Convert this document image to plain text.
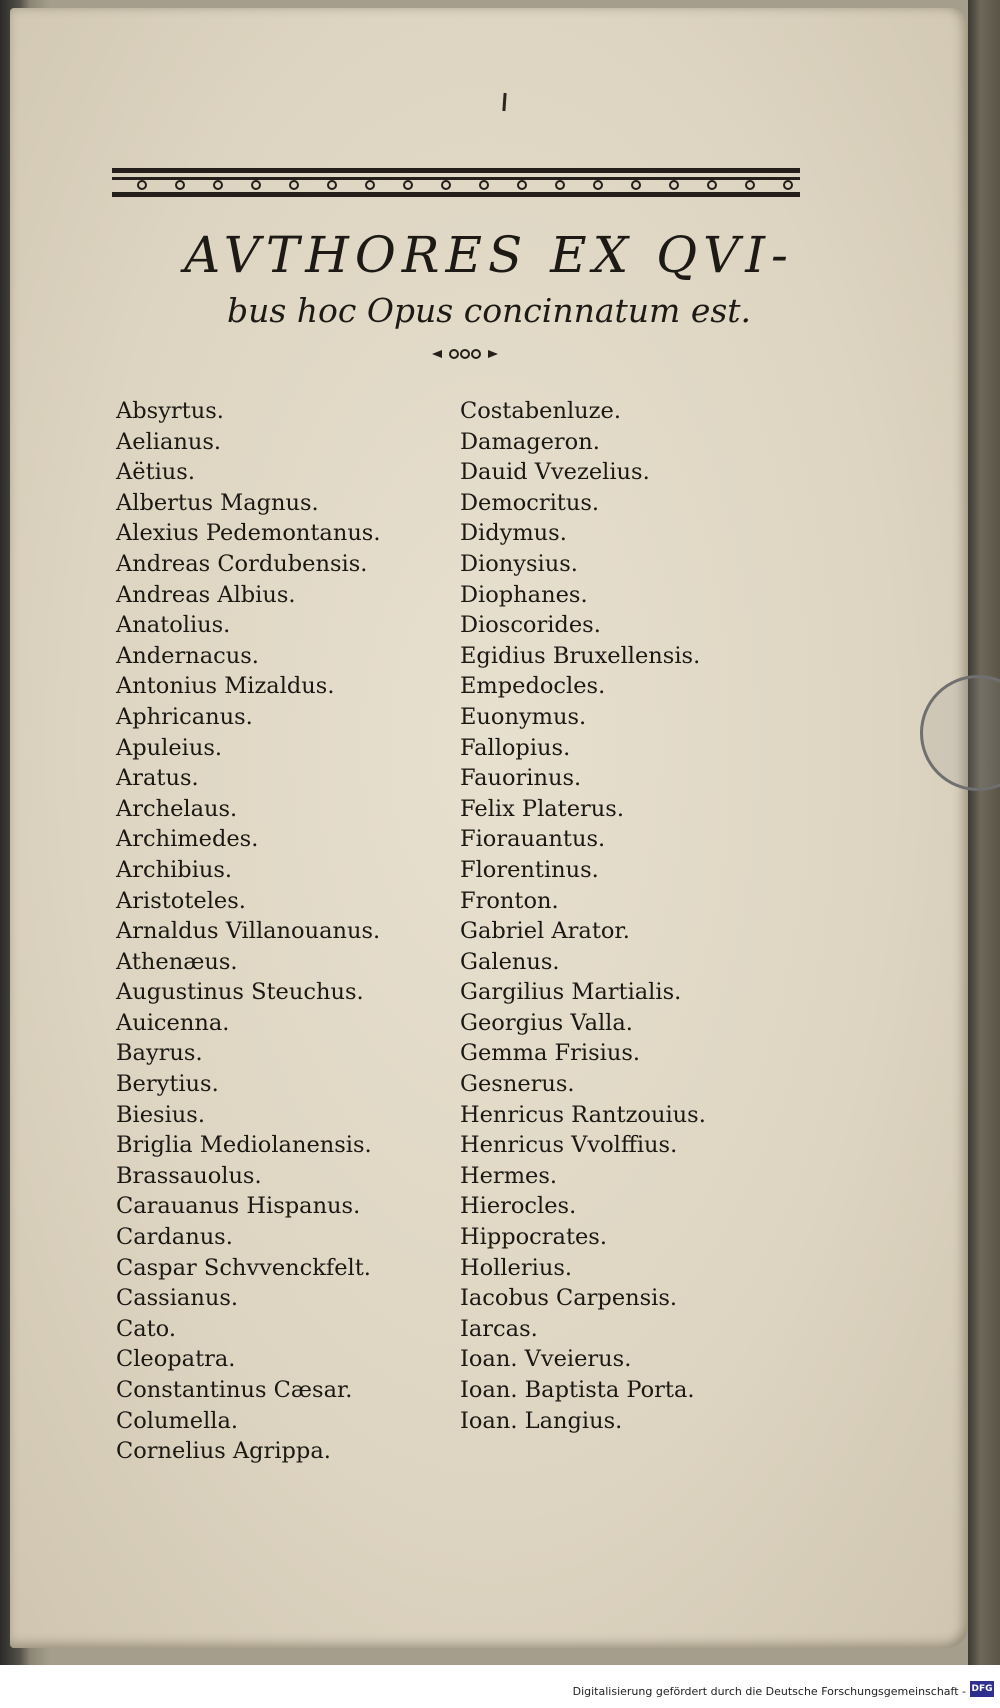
AVTHORES EX QVI-
bus hoc Opus concinnatum est.
Absyrtus.
Aelianus.
Aëtius.
Albertus Magnus.
Alexius Pedemontanus.
Andreas Cordubensis.
Andreas Albius.
Anatolius.
Andernacus.
Antonius Mizaldus.
Aphricanus.
Apuleius.
Aratus.
Archelaus.
Archimedes.
Archibius.
Aristoteles.
Arnaldus Villanouanus.
Athenæus.
Augustinus Steuchus.
Auicenna.
Bayrus.
Berytius.
Biesius.
Briglia Mediolanensis.
Brassauolus.
Carauanus Hispanus.
Cardanus.
Caspar Schvvenckfelt.
Cassianus.
Cato.
Cleopatra.
Constantinus Cæsar.
Columella.
Cornelius Agrippa.
Costabenluze.
Damageron.
Dauid Vvezelius.
Democritus.
Didymus.
Dionysius.
Diophanes.
Dioscorides.
Egidius Bruxellensis.
Empedocles.
Euonymus.
Fallopius.
Fauorinus.
Felix Platerus.
Fiorauantus.
Florentinus.
Fronton.
Gabriel Arator.
Galenus.
Gargilius Martialis.
Georgius Valla.
Gemma Frisius.
Gesnerus.
Henricus Rantzouius.
Henricus Vvolffius.
Hermes.
Hierocles.
Hippocrates.
Hollerius.
Iacobus Carpensis.
Iarcas.
Ioan. Vveierus.
Ioan. Baptista Porta.
Ioan. Langius.
Digitalisierung gefördert durch die Deutsche Forschungsgemeinschaft - DFG
